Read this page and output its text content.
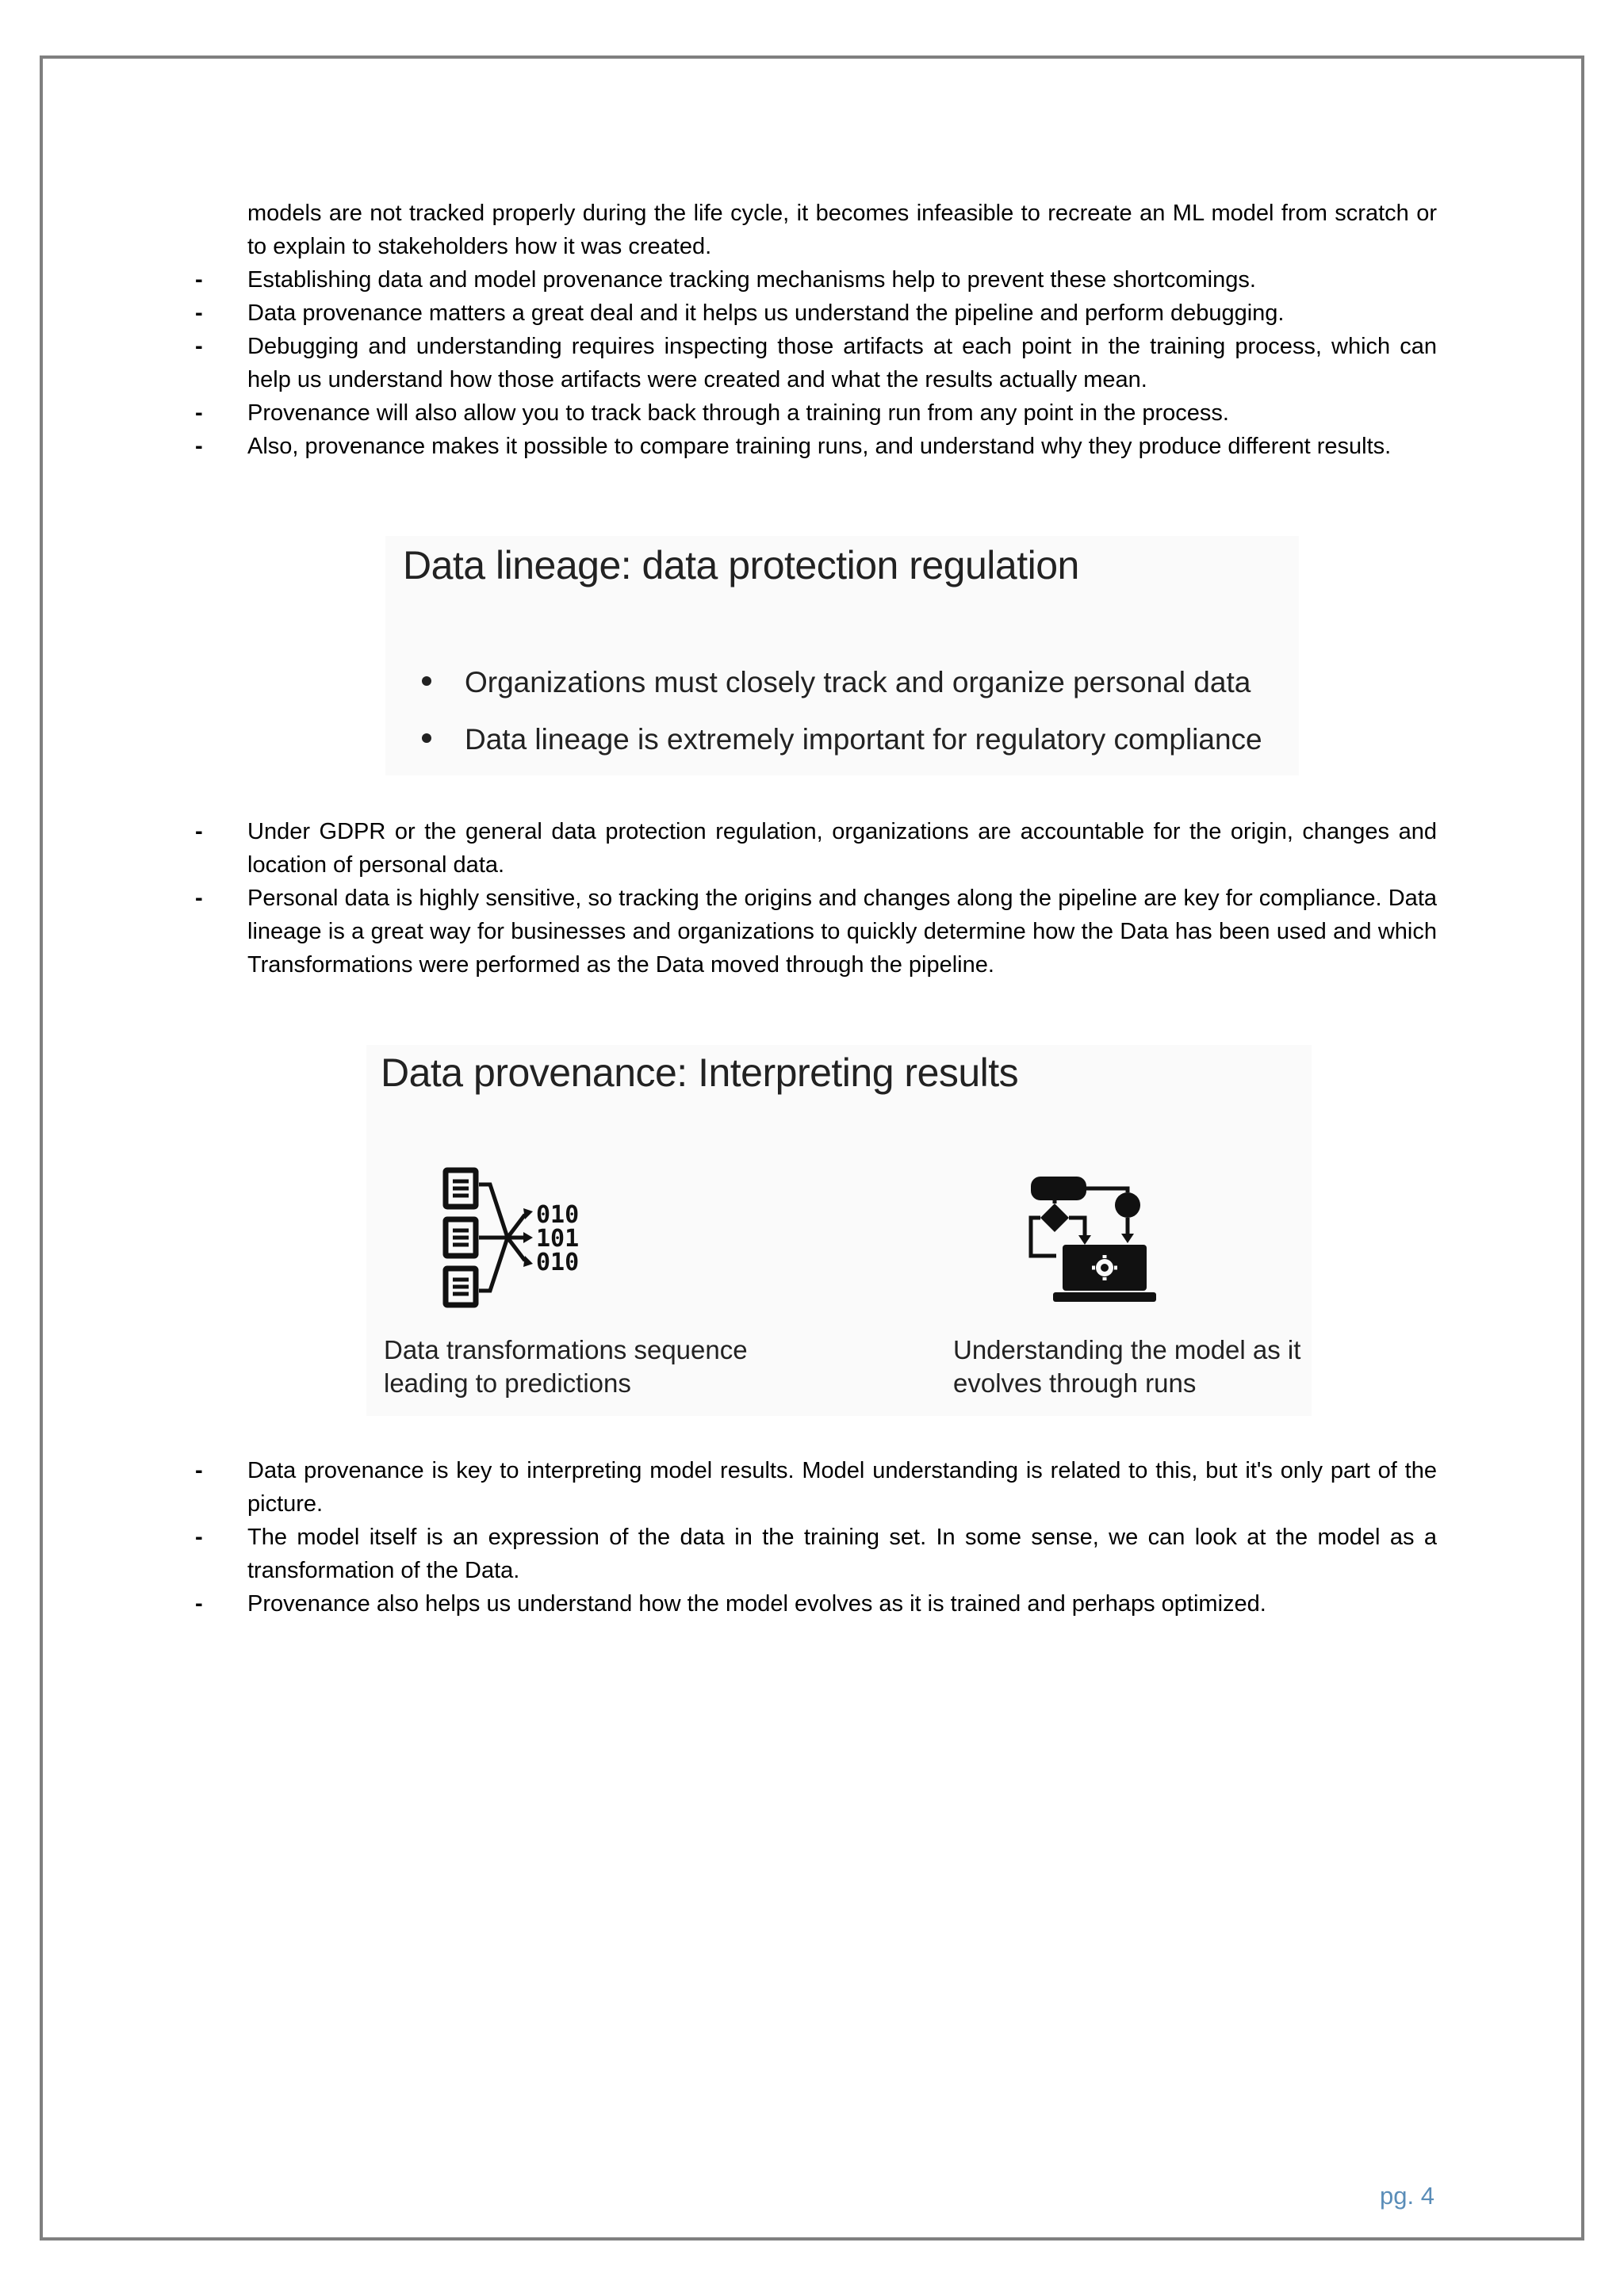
models are not tracked properly during the life cycle, it becomes infeasible to recreate an ML model from scratch or to explain to stakeholders how it was created.
- Establishing data and model provenance tracking mechanisms help to prevent these shortcomings.
- Data provenance matters a great deal and it helps us understand the pipeline and perform debugging.
- Debugging and understanding requires inspecting those artifacts at each point in the training process, which can help us understand how those artifacts were created and what the results actually mean.
- Provenance will also allow you to track back through a training run from any point in the process.
- Also, provenance makes it possible to compare training runs, and understand why they produce different results.
Data lineage: data protection regulation
Organizations must closely track and organize personal data
Data lineage is extremely important for regulatory compliance
- Under GDPR or the general data protection regulation, organizations are accountable for the origin, changes and location of personal data.
- Personal data is highly sensitive, so tracking the origins and changes along the pipeline are key for compliance. Data lineage is a great way for businesses and organizations to quickly determine how the Data has been used and which Transformations were performed as the Data moved through the pipeline.
Data provenance: Interpreting results
010
101
010
Data transformations sequence leading to predictions
Understanding the model as it evolves through runs
- Data provenance is key to interpreting model results. Model understanding is related to this, but it's only part of the picture.
- The model itself is an expression of the data in the training set. In some sense, we can look at the model as a transformation of the Data.
- Provenance also helps us understand how the model evolves as it is trained and perhaps optimized.
pg. 4
